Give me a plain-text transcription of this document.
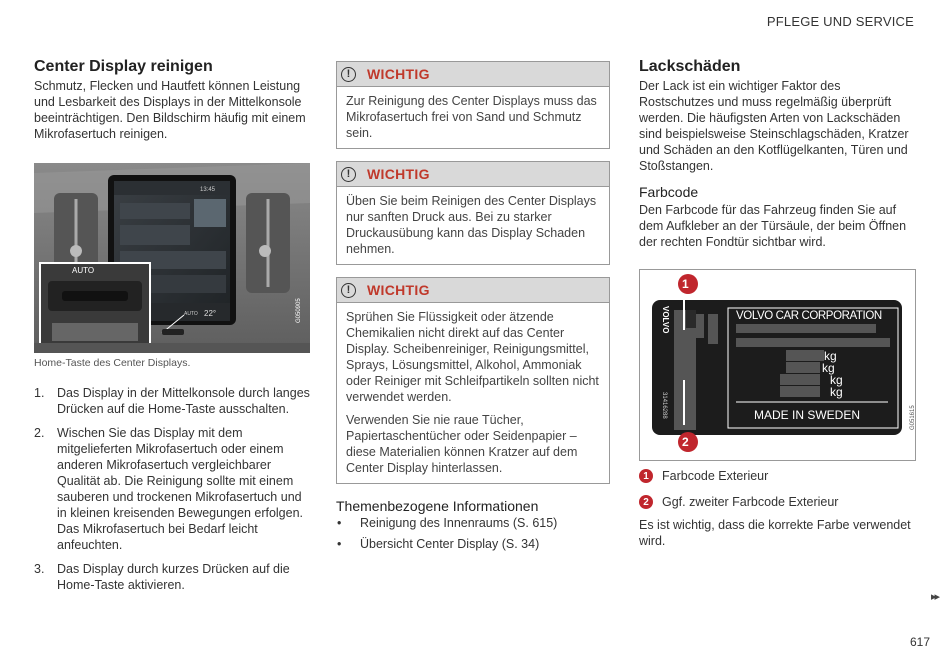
PFLEGE UND SERVICE
Center Display reinigen

Schmutz, Flecken und Hautfett können Leistung und Lesbarkeit des Displays in der Mittelkonsole beeinträchtigen. Den Bildschirm häufig mit einem Mikrofasertuch reinigen.

AUTO
13:45
22°
AUTO	G050905
Home-Taste des Center Displays.
1. Das Display in der Mittelkonsole durch langes Drücken auf die Home-Taste ausschalten.
2. Wischen Sie das Display mit dem mitgelieferten Mikrofasertuch oder einem anderen Mikrofasertuch vergleichbarer Qualität ab. Die Reinigung sollte mit einem sauberen und trockenen Mikrofasertuch und in kleinen kreisenden Bewegungen erfolgen. Das Mikrofasertuch bei Bedarf leicht anfeuchten.
3. Das Display durch kurzes Drücken auf die Home-Taste aktivieren.
!	WICHTIG

Zur Reinigung des Center Displays muss das Mikrofasertuch frei von Sand und Schmutz sein.

!	WICHTIG

Üben Sie beim Reinigen des Center Displays nur sanften Druck aus. Bei zu starker Druckausübung kann das Display Schaden nehmen.

!	WICHTIG

Sprühen Sie Flüssigkeit oder ätzende Chemikalien nicht direkt auf das Center Display. Scheibenreiniger, Reinigungsmittel, Sprays, Lösungsmittel, Alkohol, Ammoniak oder Reiniger mit Schleifpartikeln sollten nicht verwendet werden.

Verwenden Sie nie raue Tücher, Papiertaschentücher oder Seidenpapier – diese Materialien können Kratzer auf dem Center Display hinterlassen.

Themenbezogene Informationen
• Reinigung des Innenraums (S. 615)
• Übersicht Center Display (S. 34)
Lackschäden

Der Lack ist ein wichtiger Faktor des Rostschutzes und muss regelmäßig überprüft werden. Die häufigsten Arten von Lackschäden sind beispielsweise Steinschlagschäden, Kratzer und Schäden an den Kotflügelkanten, Türen und Stoßstangen.

Farbcode

Den Farbcode für das Fahrzeug finden Sie auf dem Aufkleber an der Türsäule, der beim Öffnen der rechten Fondtür sichtbar wird.

1
2
VOLVO
31416288
VOLVO CAR CORPORATION
kg
kg
kg
kg
MADE IN SWEDEN	G051615
1	Farbcode Exterieur
2	Ggf. zweiter Farbcode Exterieur

Es ist wichtig, dass die korrekte Farbe verwendet wird.

▸▸
617
